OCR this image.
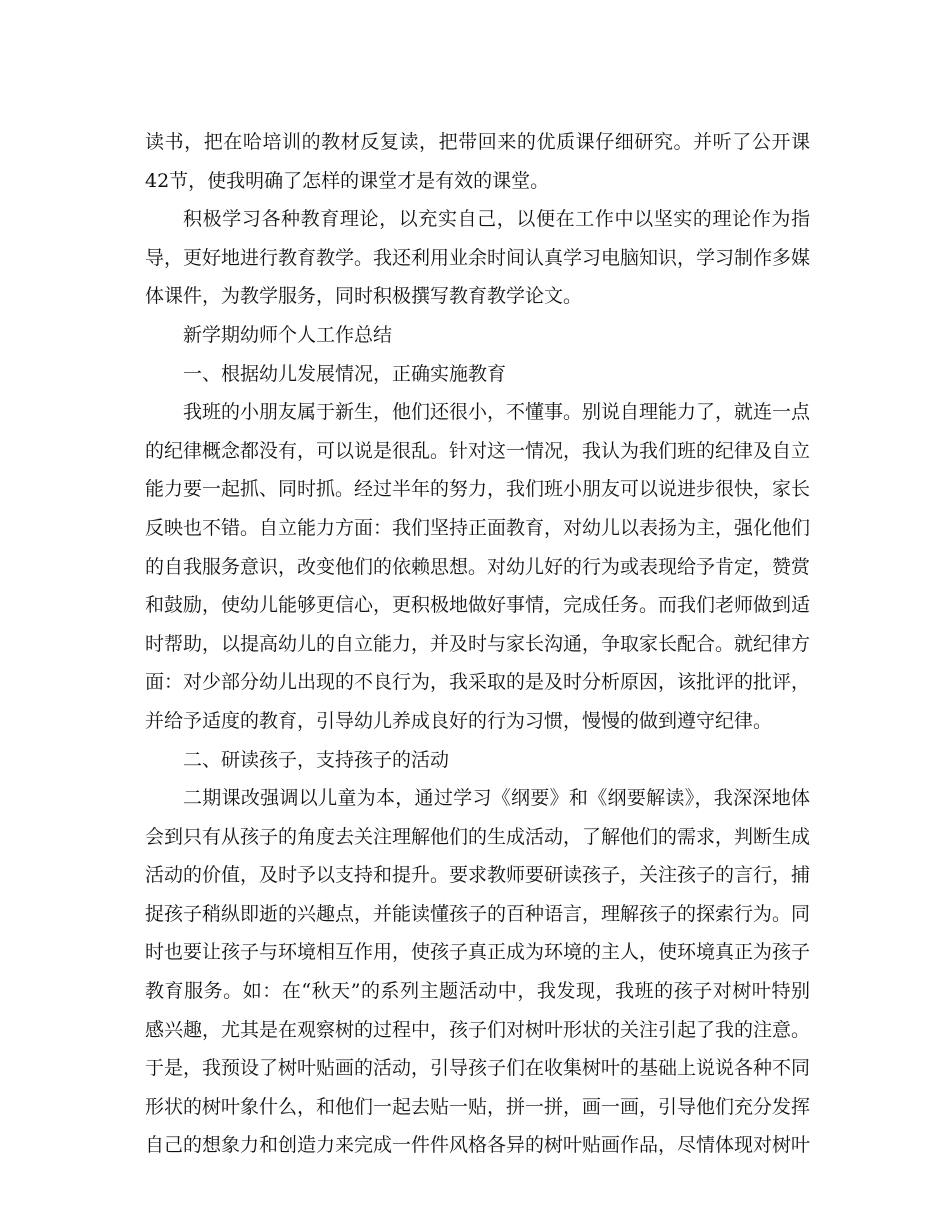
读书，把在哈培训的教材反复读，把带回来的优质课仔细研究。并听了公开课42节，使我明确了怎样的课堂才是有效的课堂。

积极学习各种教育理论，以充实自己，以便在工作中以坚实的理论作为指导，更好地进行教育教学。我还利用业余时间认真学习电脑知识，学习制作多媒体课件，为教学服务，同时积极撰写教育教学论文。

新学期幼师个人工作总结

一、根据幼儿发展情况，正确实施教育

我班的小朋友属于新生，他们还很小，不懂事。别说自理能力了，就连一点的纪律概念都没有，可以说是很乱。针对这一情况，我认为我们班的纪律及自立能力要一起抓、同时抓。经过半年的努力，我们班小朋友可以说进步很快，家长反映也不错。自立能力方面：我们坚持正面教育，对幼儿以表扬为主，强化他们的自我服务意识，改变他们的依赖思想。对幼儿好的行为或表现给予肯定，赞赏和鼓励，使幼儿能够更信心，更积极地做好事情，完成任务。而我们老师做到适时帮助，以提高幼儿的自立能力，并及时与家长沟通，争取家长配合。就纪律方面：对少部分幼儿出现的不良行为，我采取的是及时分析原因，该批评的批评，并给予适度的教育，引导幼儿养成良好的行为习惯，慢慢的做到遵守纪律。

二、研读孩子，支持孩子的活动

二期课改强调以儿童为本，通过学习《纲要》和《纲要解读》，我深深地体会到只有从孩子的角度去关注理解他们的生成活动，了解他们的需求，判断生成活动的价值，及时予以支持和提升。要求教师要研读孩子，关注孩子的言行，捕捉孩子稍纵即逝的兴趣点，并能读懂孩子的百种语言，理解孩子的探索行为。同时也要让孩子与环境相互作用，使孩子真正成为环境的主人，使环境真正为孩子教育服务。如：在“秋天”的系列主题活动中，我发现，我班的孩子对树叶特别感兴趣，尤其是在观察树的过程中，孩子们对树叶形状的关注引起了我的注意。于是，我预设了树叶贴画的活动，引导孩子们在收集树叶的基础上说说各种不同形状的树叶象什么，和他们一起去贴一贴，拼一拼，画一画，引导他们充分发挥自己的想象力和创造力来完成一件件风格各异的树叶贴画作品，尽情体现对树叶
